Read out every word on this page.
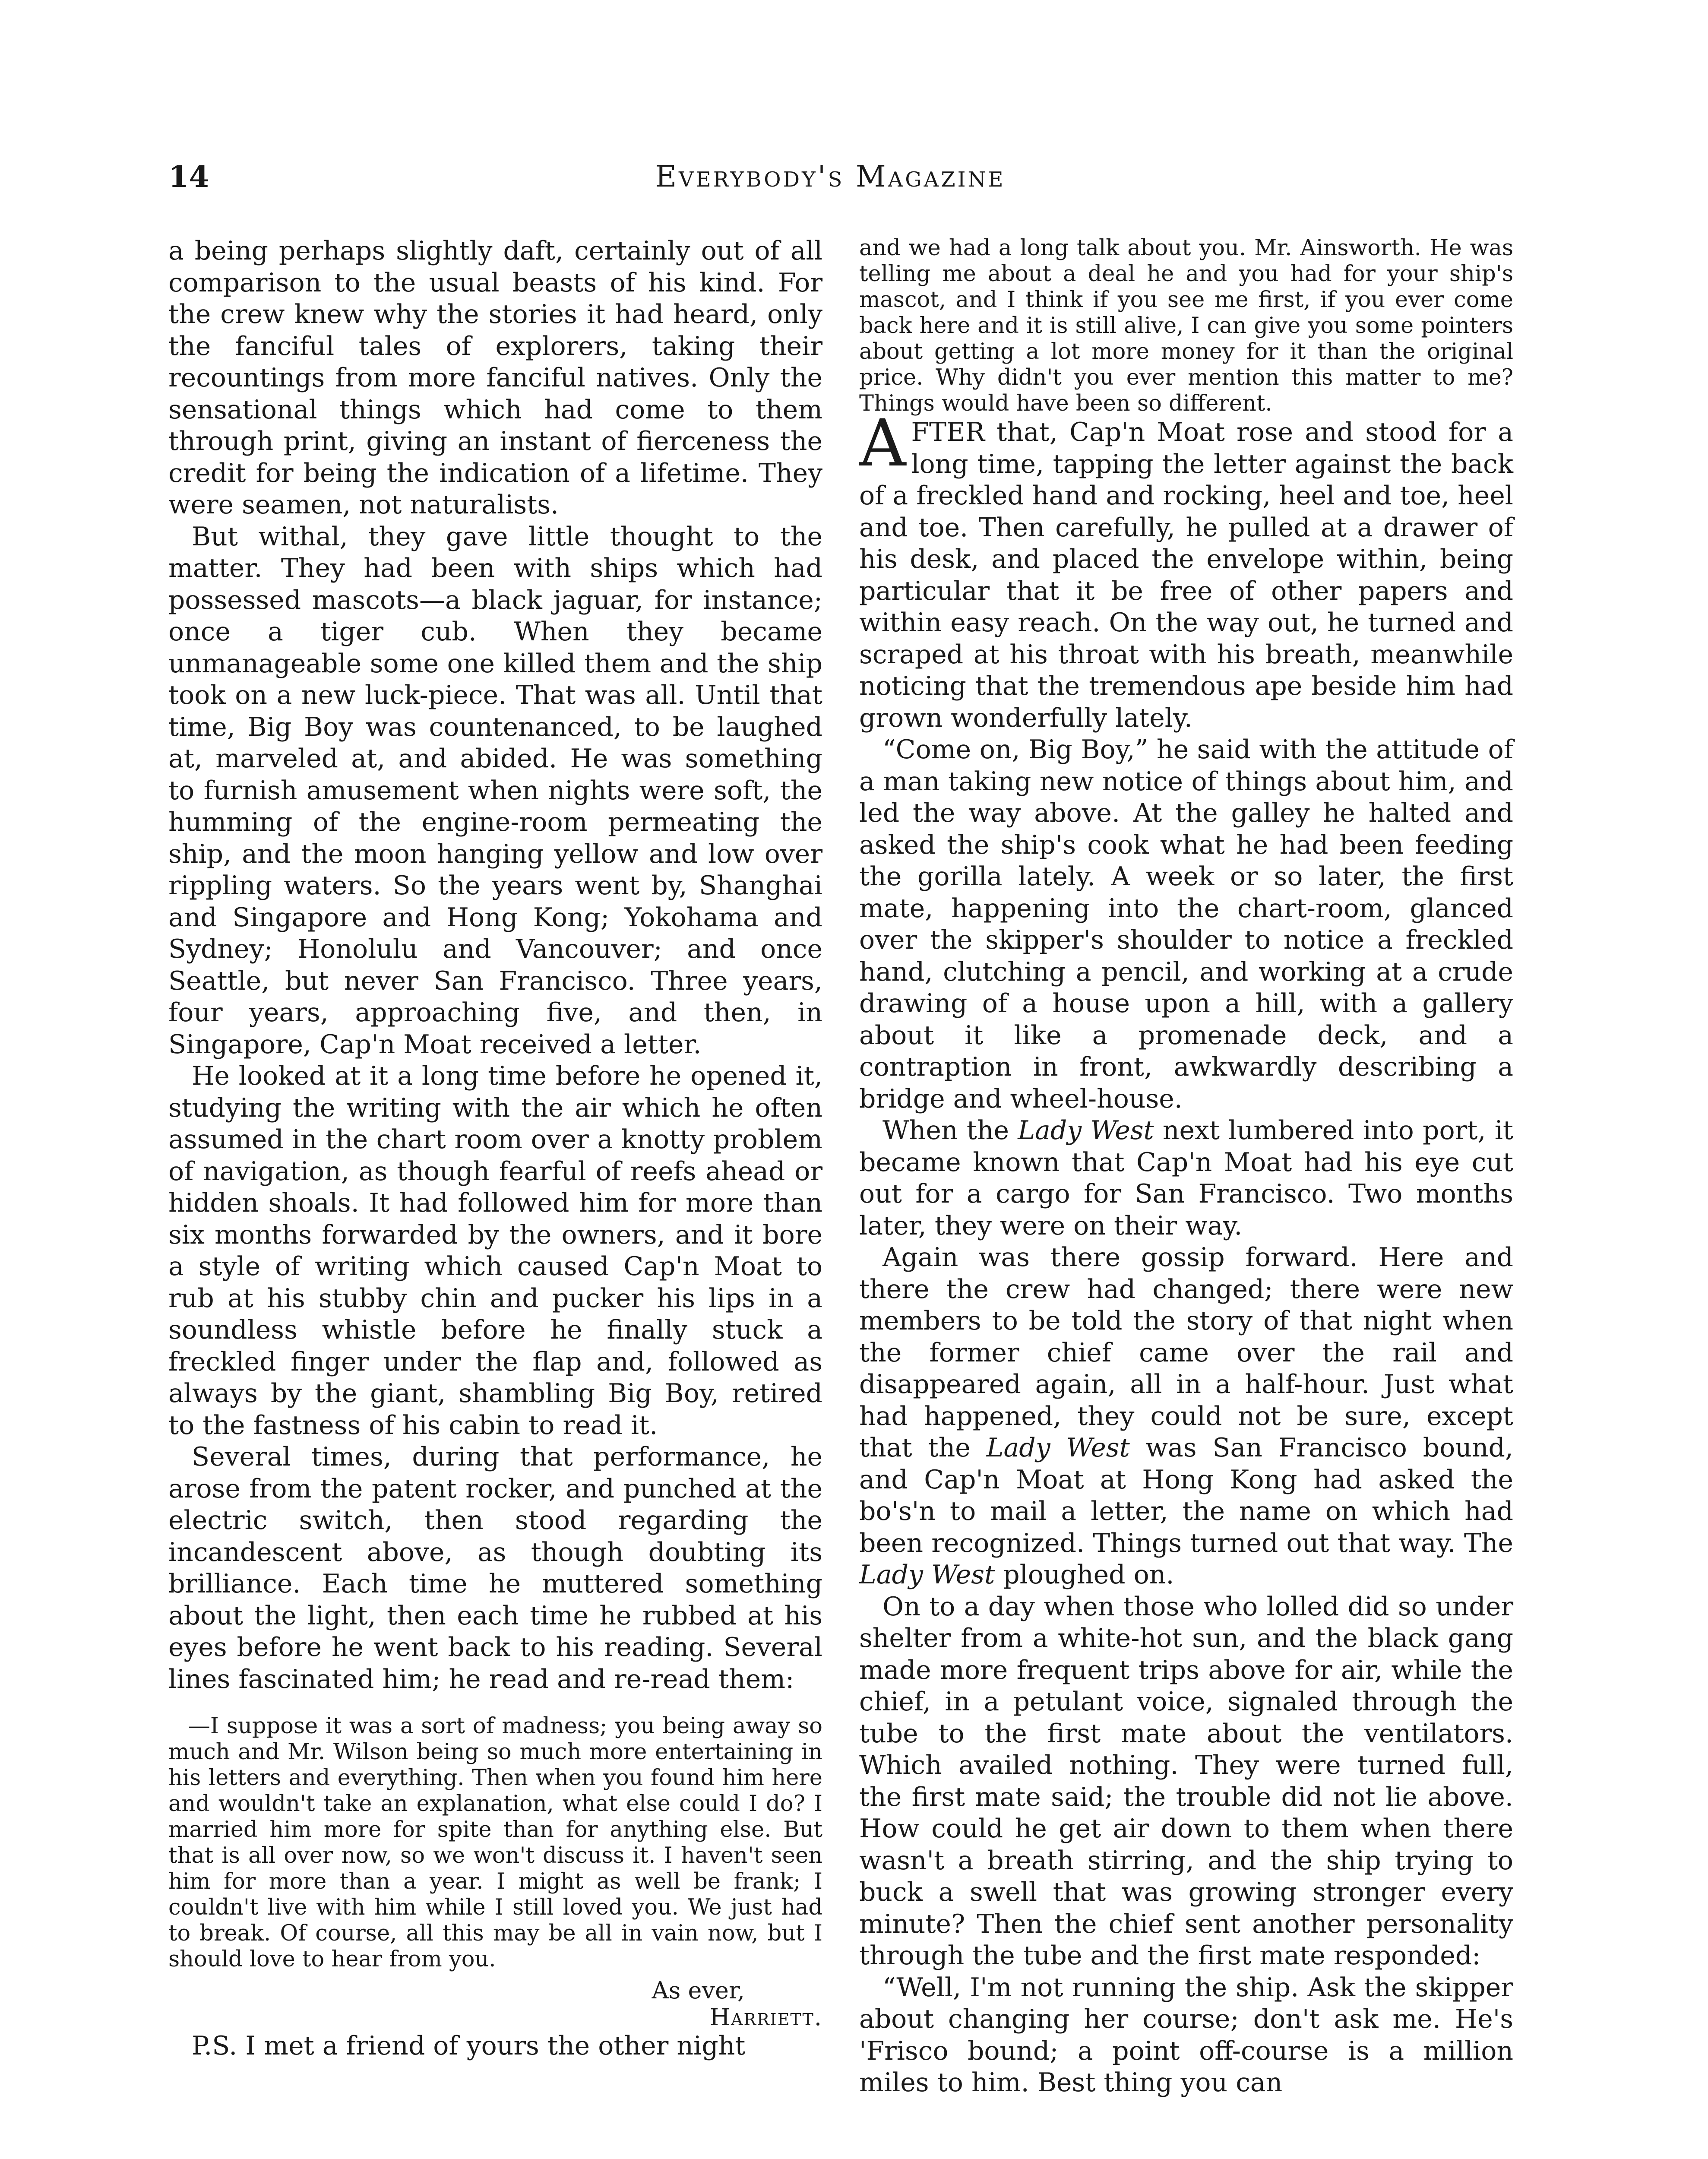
14	Everybody's Magazine

a being perhaps slightly daft, certainly out of all comparison to the usual beasts of his kind. For the crew knew why the stories it had heard, only the fanciful tales of explorers, taking their recountings from more fanciful natives. Only the sensational things which had come to them through print, giving an instant of fierceness the credit for being the indication of a lifetime. They were seamen, not naturalists.

But withal, they gave little thought to the matter. They had been with ships which had possessed mascots—a black jaguar, for instance; once a tiger cub. When they became unmanageable some one killed them and the ship took on a new luck-piece. That was all. Until that time, Big Boy was countenanced, to be laughed at, marveled at, and abided. He was something to furnish amusement when nights were soft, the humming of the engine-room permeating the ship, and the moon hanging yellow and low over rippling waters. So the years went by, Shanghai and Singapore and Hong Kong; Yokohama and Sydney; Honolulu and Vancouver; and once Seattle, but never San Francisco. Three years, four years, approaching five, and then, in Singapore, Cap'n Moat received a letter.

He looked at it a long time before he opened it, studying the writing with the air which he often assumed in the chart room over a knotty problem of navigation, as though fearful of reefs ahead or hidden shoals. It had followed him for more than six months forwarded by the owners, and it bore a style of writing which caused Cap'n Moat to rub at his stubby chin and pucker his lips in a soundless whistle before he finally stuck a freckled finger under the flap and, followed as always by the giant, shambling Big Boy, retired to the fastness of his cabin to read it.

Several times, during that performance, he arose from the patent rocker, and punched at the electric switch, then stood regarding the incandescent above, as though doubting its brilliance. Each time he muttered something about the light, then each time he rubbed at his eyes before he went back to his reading. Several lines fascinated him; he read and re-read them:

—I suppose it was a sort of madness; you being away so much and Mr. Wilson being so much more entertaining in his letters and everything. Then when you found him here and wouldn't take an explanation, what else could I do? I married him more for spite than for anything else. But that is all over now, so we won't discuss it. I haven't seen him for more than a year. I might as well be frank; I couldn't live with him while I still loved you. We just had to break. Of course, all this may be all in vain now, but I should love to hear from you.

As ever,
Harriett.

P.S. I met a friend of yours the other night

and we had a long talk about you. Mr. Ainsworth. He was telling me about a deal he and you had for your ship's mascot, and I think if you see me first, if you ever come back here and it is still alive, I can give you some pointers about getting a lot more money for it than the original price. Why didn't you ever mention this matter to me? Things would have been so different.

AFTER that, Cap'n Moat rose and stood for a long time, tapping the letter against the back of a freckled hand and rocking, heel and toe, heel and toe. Then carefully, he pulled at a drawer of his desk, and placed the envelope within, being particular that it be free of other papers and within easy reach. On the way out, he turned and scraped at his throat with his breath, meanwhile noticing that the tremendous ape beside him had grown wonderfully lately.

“Come on, Big Boy,” he said with the attitude of a man taking new notice of things about him, and led the way above. At the galley he halted and asked the ship's cook what he had been feeding the gorilla lately. A week or so later, the first mate, happening into the chart-room, glanced over the skipper's shoulder to notice a freckled hand, clutching a pencil, and working at a crude drawing of a house upon a hill, with a gallery about it like a promenade deck, and a contraption in front, awkwardly describing a bridge and wheel-house.

When the Lady West next lumbered into port, it became known that Cap'n Moat had his eye cut out for a cargo for San Francisco. Two months later, they were on their way.

Again was there gossip forward. Here and there the crew had changed; there were new members to be told the story of that night when the former chief came over the rail and disappeared again, all in a half-hour. Just what had happened, they could not be sure, except that the Lady West was San Francisco bound, and Cap'n Moat at Hong Kong had asked the bo's'n to mail a letter, the name on which had been recognized. Things turned out that way. The Lady West ploughed on.

On to a day when those who lolled did so under shelter from a white-hot sun, and the black gang made more frequent trips above for air, while the chief, in a petulant voice, signaled through the tube to the first mate about the ventilators. Which availed nothing. They were turned full, the first mate said; the trouble did not lie above. How could he get air down to them when there wasn't a breath stirring, and the ship trying to buck a swell that was growing stronger every minute? Then the chief sent another personality through the tube and the first mate responded:

“Well, I'm not running the ship. Ask the skipper about changing her course; don't ask me. He's 'Frisco bound; a point off-course is a million miles to him. Best thing you can
